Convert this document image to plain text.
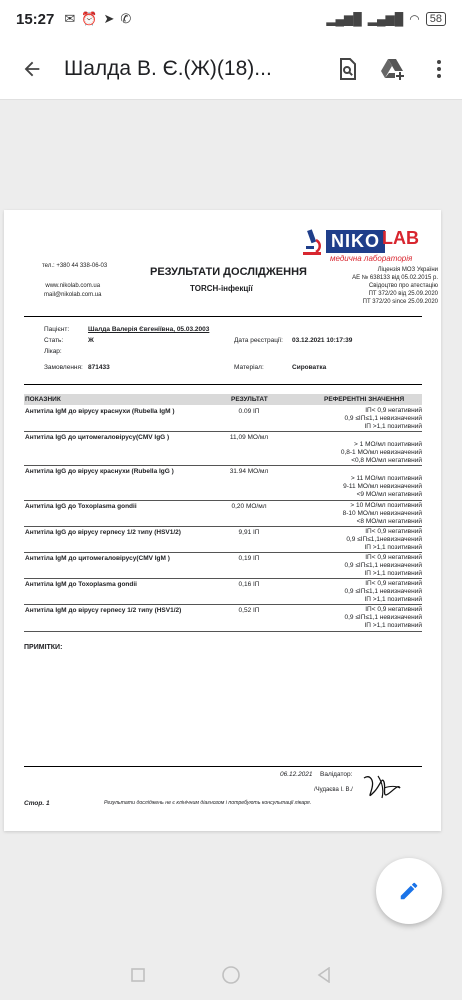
15:27 ✉ ⏰ ➤ ✆	▂▄▆█ ▂▄▆█ ◠ 58
Шалда В. Є.(Ж)(18)...
тел.: +380 44 338-06-03
www.nikolab.com.ua
mail@nikolab.com.ua
РЕЗУЛЬТАТИ ДОСЛІДЖЕННЯ
TORCH-інфекції
NIKO LAB
медична лабораторія
Ліцензія МОЗ України
АЕ № 638133 від 05.02.2015 р.
Свідоцтво про атестацію
ПТ 372/20 від 25.09.2020
ПТ 372/20 since 25.09.2020
Пацієнт:	Шалда Валерія Євгеніївна, 05.03.2003
Стать:	Ж	Дата реєстрації: 03.12.2021 10:17:39
Лікар:
Замовлення: 871433	Матеріал:	Сироватка
ПОКАЗНИК	РЕЗУЛЬТАТ	РЕФЕРЕНТНІ ЗНАЧЕННЯ
Антитіла IgM до вірусу краснухи (Rubella IgM )	0.09 ІП	ІП< 0,9 негативний
0,9 ≤ІП≤1,1 невизначений
ІП >1,1 позитивний
Антитіла IgG до цитомегаловірусу(CMV IgG )	11,09 МО/мл
> 1 МО/мл позитивний
0,8-1 МО/мл невизначений
<0,8 МО/мл негативний
Антитіла IgG до вірусу краснухи (Rubella IgG )	31.94 МО/мл
> 11 МО/мл позитивний
9-11 МО/мл невизначений
<9 МО/мл негативний
Антитіла IgG до Toxoplasma gondii	0,20 МО/мл	> 10 МО/мл позитивний
8-10 МО/мл невизначений
<8 МО/мл негативний
Антитіла IgG до вірусу герпесу 1/2 типу (HSV1/2)	9,91 ІП	ІП< 0,9 негативний
0,9 ≤ІП≤1,1невизначений
ІП >1,1 позитивний
Антитіла IgM до цитомегаловірусу(CMV IgM )	0,19 ІП	ІП< 0,9 негативний
0,9 ≤ІП≤1,1 невизначений
ІП >1,1 позитивний
Антитіла IgM до Toxoplasma gondii	0,16 ІП	ІП< 0,9 негативний
0,9 ≤ІП≤1,1 невизначений
ІП >1,1 позитивний
Антитіла IgM до вірусу герпесу 1/2 типу (HSV1/2)	0,52 ІП	ІП< 0,9 негативний
0,9 ≤ІП≤1,1 невизначений
ІП >1,1 позитивний
ПРИМІТКИ:
06.12.2021 Валідатор:
/Чудаєва І. В./
Стор. 1	Результати досліджень не є клінічним діагнозом і потребують консультації лікаря.
